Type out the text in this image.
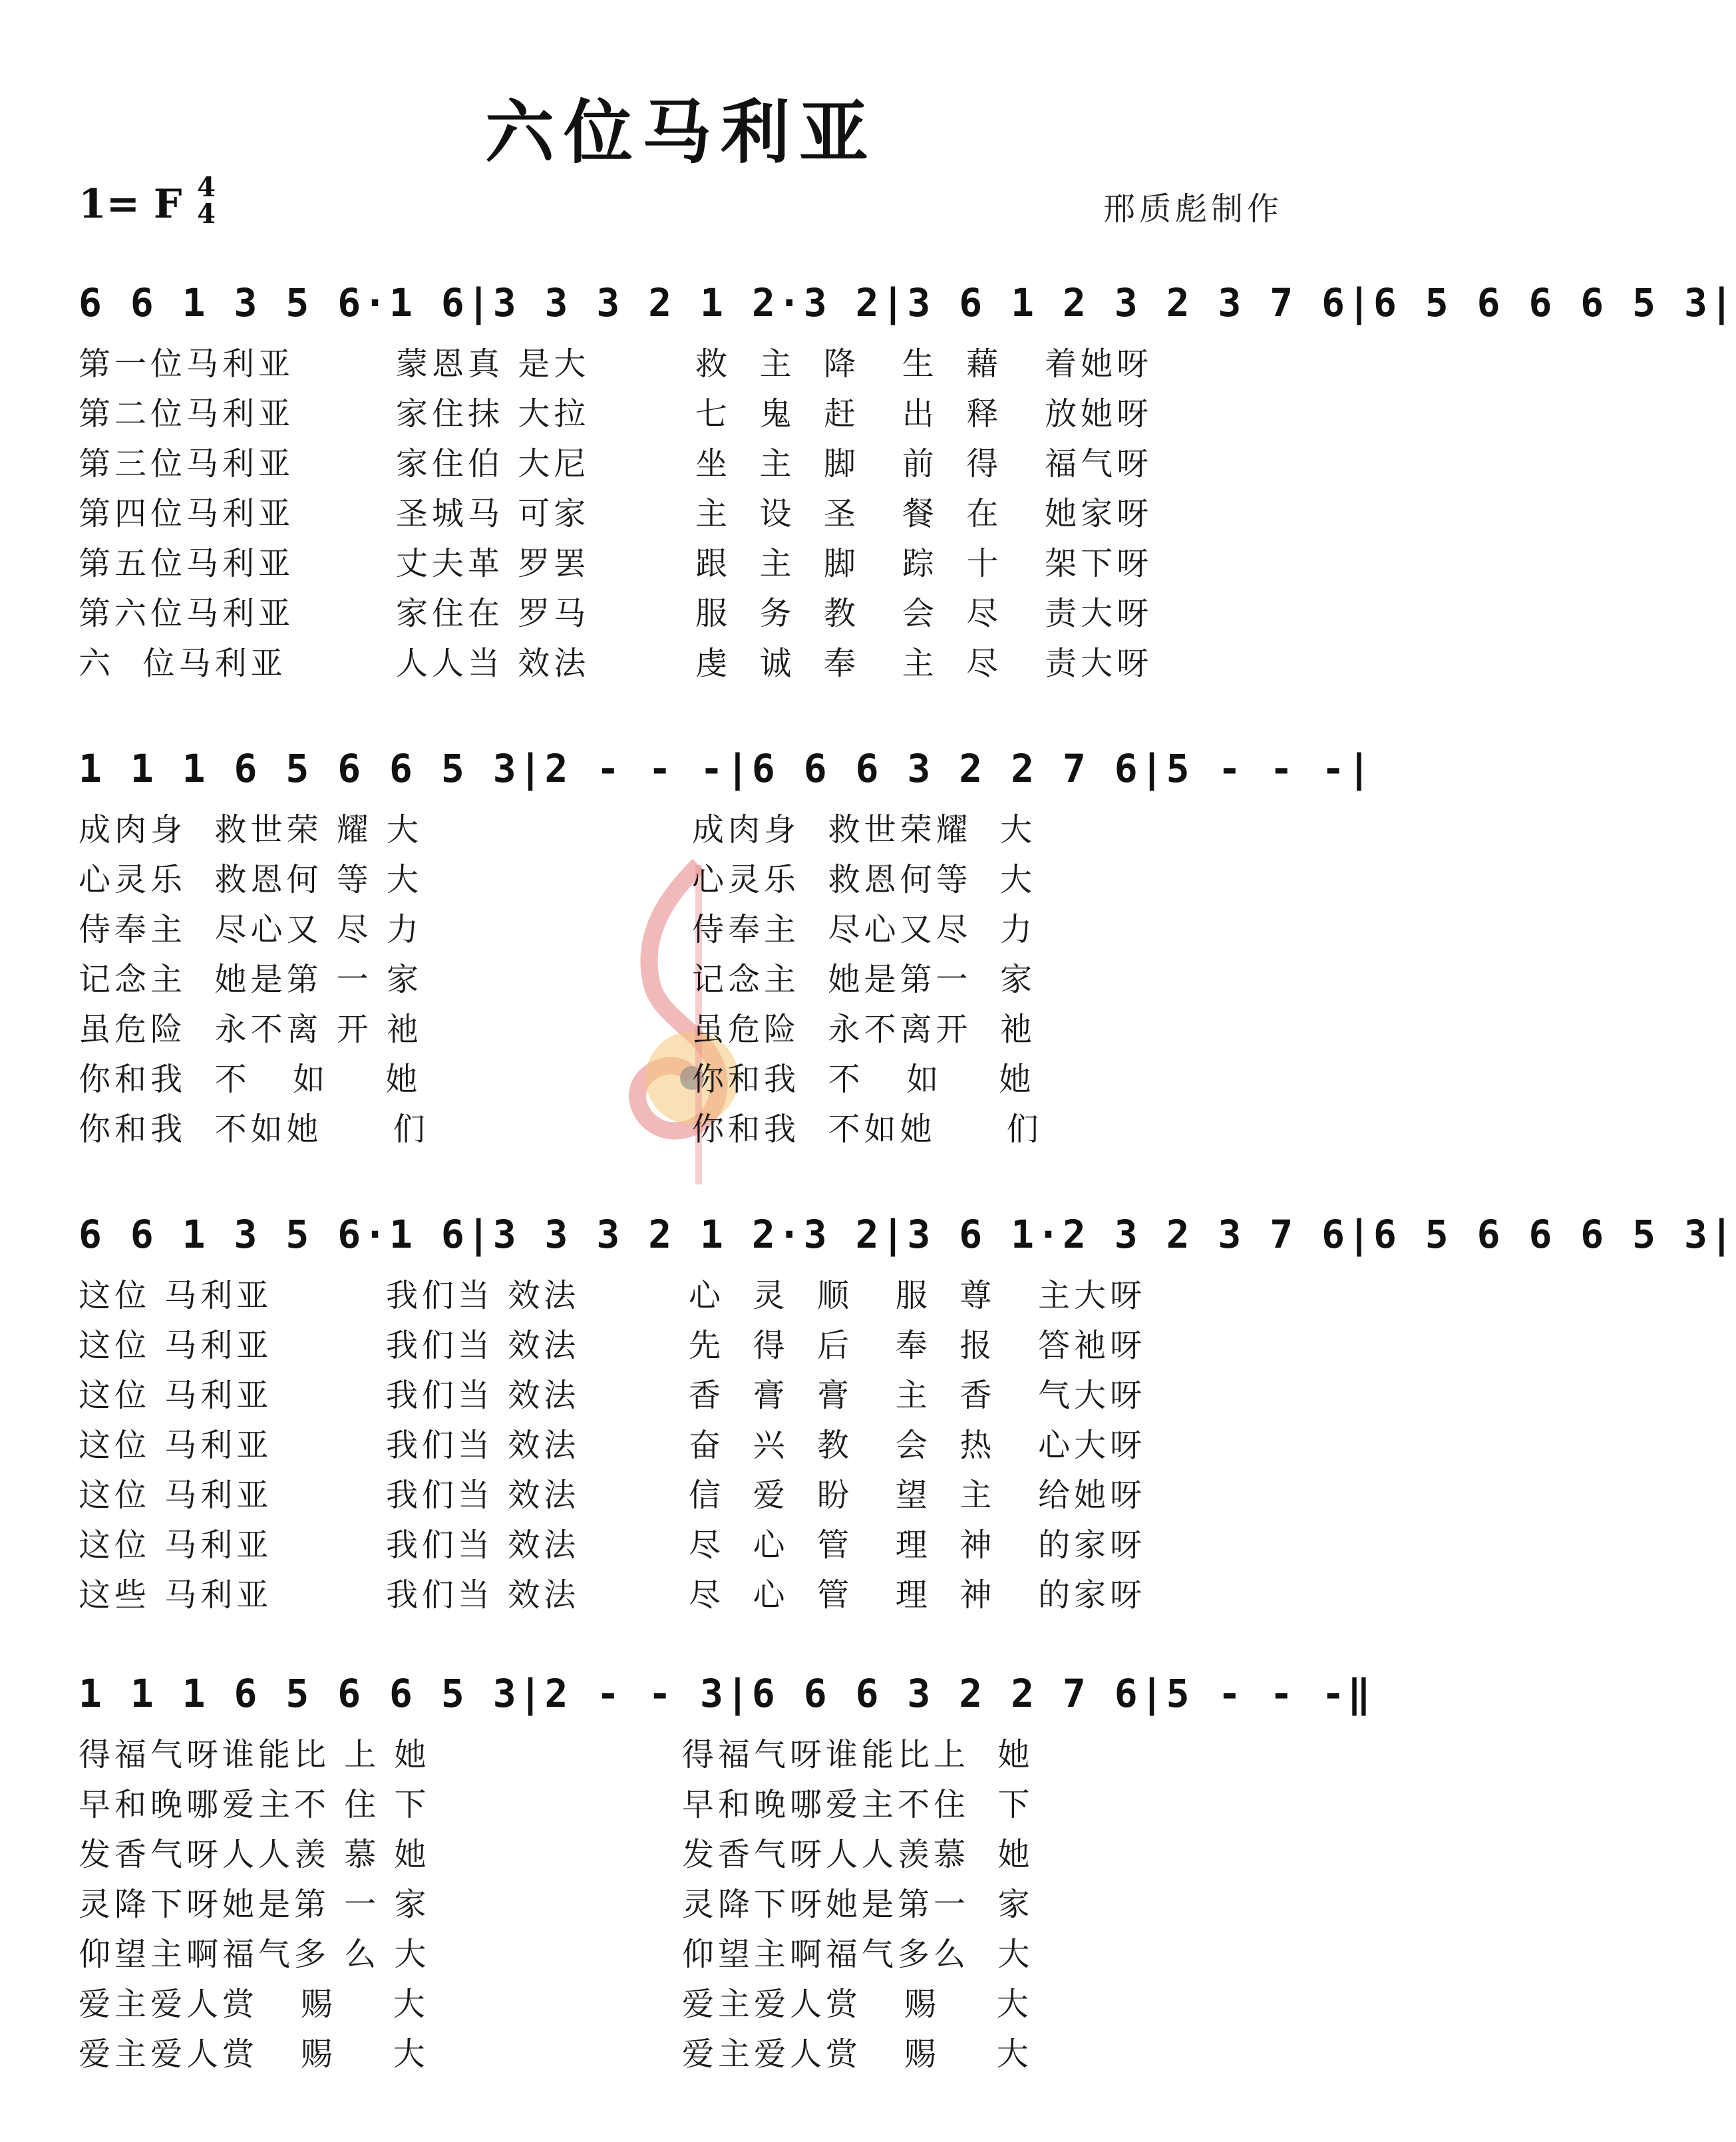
六位马利亚
1= F 4
4	邢质彪制作
6 6 1 3 5 6·1 6|3 3 3 2 1 2·3 2|3 6 1 2 3 2 3 7 6|6 5 6 6 6 5 3|
第一位马利亚
第二位马利亚
第三位马利亚
第四位马利亚
第五位马利亚
第六位马利亚
六  位马利亚
蒙恩真 是大
家住抹 大拉
家住伯 大尼
圣城马 可家
丈夫革 罗罢
家住在 罗马
人人当 效法
救  主  降   生  藉   着她呀
七  鬼  赶   出  释   放她呀
坐  主  脚   前  得   福气呀
主  设  圣   餐  在   她家呀
跟  主  脚   踪  十   架下呀
服  务  教   会  尽   责大呀
虔  诚  奉   主  尽   责大呀
1 1 1 6 5 6 6 5 3|2 - - -|6 6 6 3 2 2 7 6|5 - - -|
成肉身  救世荣 耀 大
心灵乐  救恩何 等 大
侍奉主  尽心又 尽 力
记念主  她是第 一 家
虽危险  永不离 开 祂
你和我  不   如    她
你和我  不如她     们
成肉身  救世荣耀  大
心灵乐  救恩何等  大
侍奉主  尽心又尽  力
记念主  她是第一  家
虽危险  永不离开  祂
你和我  不   如    她
你和我  不如她     们
6 6 1 3 5 6·1 6|3 3 3 2 1 2·3 2|3 6 1·2 3 2 3 7 6|6 5 6 6 6 5 3|
这位 马利亚
这位 马利亚
这位 马利亚
这位 马利亚
这位 马利亚
这位 马利亚
这些 马利亚
我们当 效法
我们当 效法
我们当 效法
我们当 效法
我们当 效法
我们当 效法
我们当 效法
心  灵  顺   服  尊   主大呀
先  得  后   奉  报   答祂呀
香  膏  膏   主  香   气大呀
奋  兴  教   会  热   心大呀
信  爱  盼   望  主   给她呀
尽  心  管   理  神   的家呀
尽  心  管   理  神   的家呀
1 1 1 6 5 6 6 5 3|2 - - 3|6 6 6 3 2 2 7 6|5 - - -‖
得福气呀谁能比 上 她
早和晚哪爱主不 住 下
发香气呀人人羡 慕 她
灵降下呀她是第 一 家
仰望主啊福气多 么 大
爱主爱人赏   赐    大
爱主爱人赏   赐    大
得福气呀谁能比上  她
早和晚哪爱主不住  下
发香气呀人人羡慕  她
灵降下呀她是第一  家
仰望主啊福气多么  大
爱主爱人赏   赐    大
爱主爱人赏   赐    大
